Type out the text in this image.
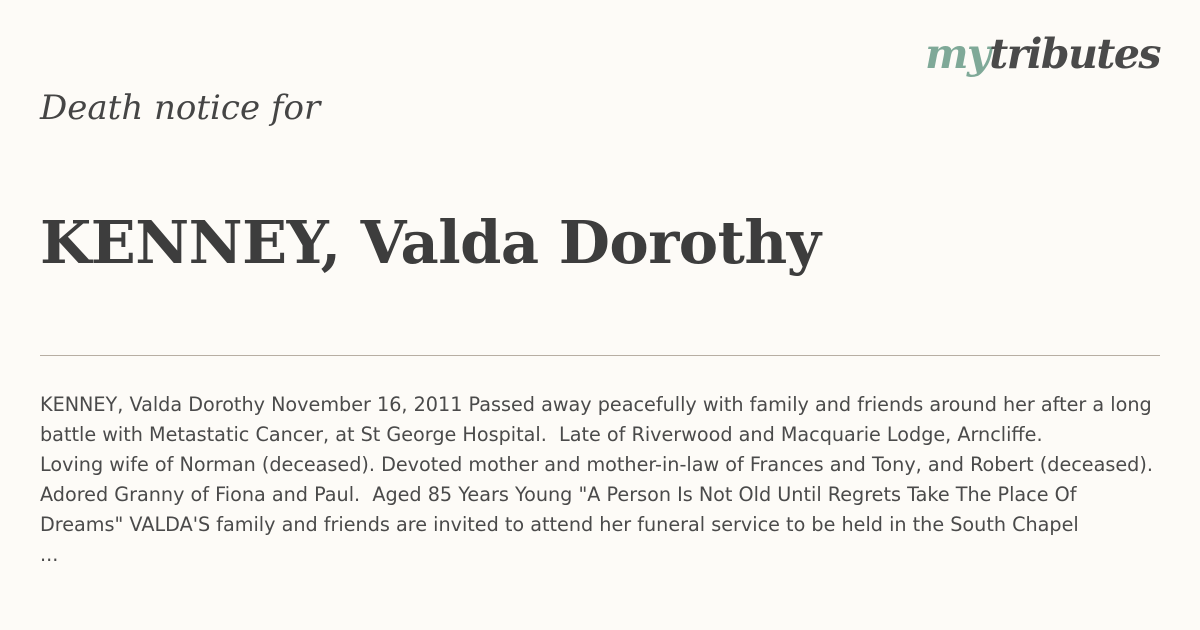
mytributes
Death notice for
KENNEY, Valda Dorothy
KENNEY, Valda Dorothy November 16, 2011 Passed away peacefully with family and friends around her after a long
battle with Metastatic Cancer, at St George Hospital.  Late of Riverwood and Macquarie Lodge, Arncliffe.
Loving wife of Norman (deceased). Devoted mother and mother-in-law of Frances and Tony, and Robert (deceased).
Adored Granny of Fiona and Paul.  Aged 85 Years Young "A Person Is Not Old Until Regrets Take The Place Of
Dreams" VALDA'S family and friends are invited to attend her funeral service to be held in the South Chapel
...
